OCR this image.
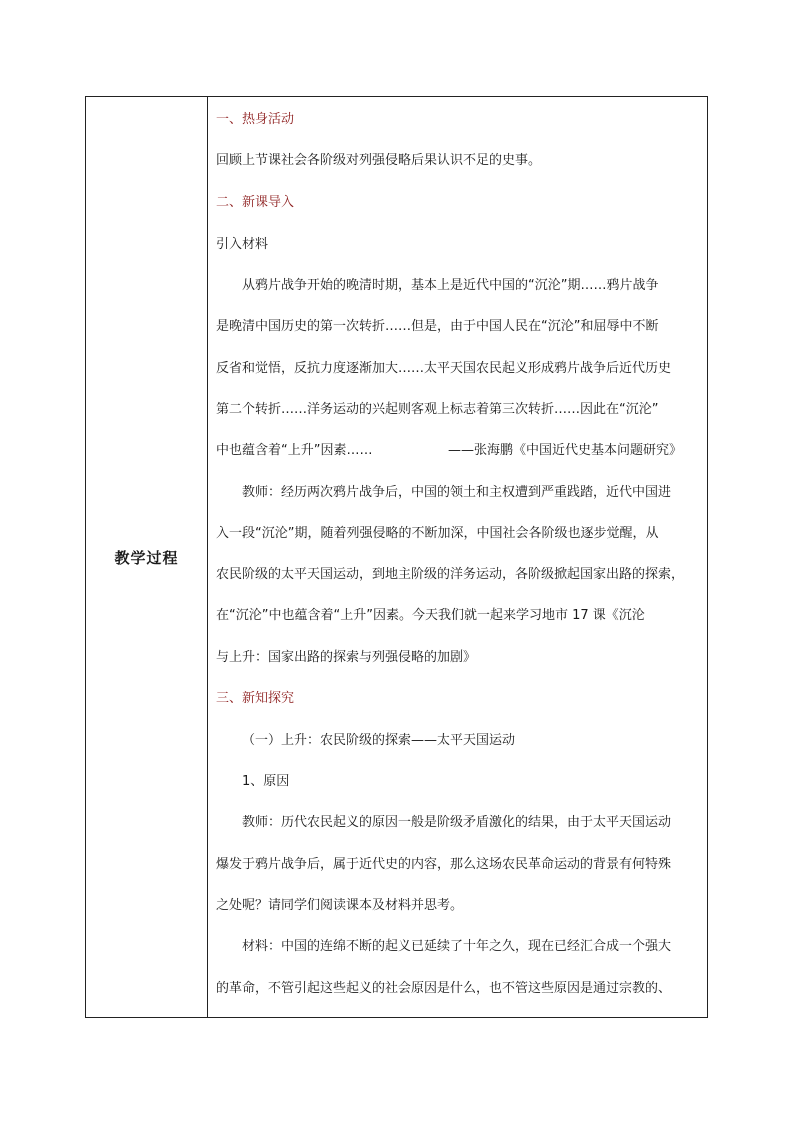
教学过程
一、热身活动
回顾上节课社会各阶级对列强侵略后果认识不足的史事。
二、新课导入
引入材料
从鸦片战争开始的晚清时期，基本上是近代中国的“沉沦”期……鸦片战争
是晚清中国历史的第一次转折……但是，由于中国人民在“沉沦”和屈辱中不断
反省和觉悟，反抗力度逐渐加大……太平天国农民起义形成鸦片战争后近代历史
第二个转折……洋务运动的兴起则客观上标志着第三次转折……因此在“沉沦”
中也蕴含着“上升”因素……	——张海鹏《中国近代史基本问题研究》
教师：经历两次鸦片战争后，中国的领土和主权遭到严重践踏，近代中国进
入一段“沉沦”期，随着列强侵略的不断加深，中国社会各阶级也逐步觉醒，从
农民阶级的太平天国运动，到地主阶级的洋务运动，各阶级掀起国家出路的探索，
在“沉沦”中也蕴含着“上升”因素。今天我们就一起来学习地市 17 课《沉沦
与上升：国家出路的探索与列强侵略的加剧》
三、新知探究
（一）上升：农民阶级的探索——太平天国运动
1、原因
教师：历代农民起义的原因一般是阶级矛盾激化的结果，由于太平天国运动
爆发于鸦片战争后，属于近代史的内容，那么这场农民革命运动的背景有何特殊
之处呢？请同学们阅读课本及材料并思考。
材料：中国的连绵不断的起义已延续了十年之久，现在已经汇合成一个强大
的革命，不管引起这些起义的社会原因是什么，也不管这些原因是通过宗教的、
